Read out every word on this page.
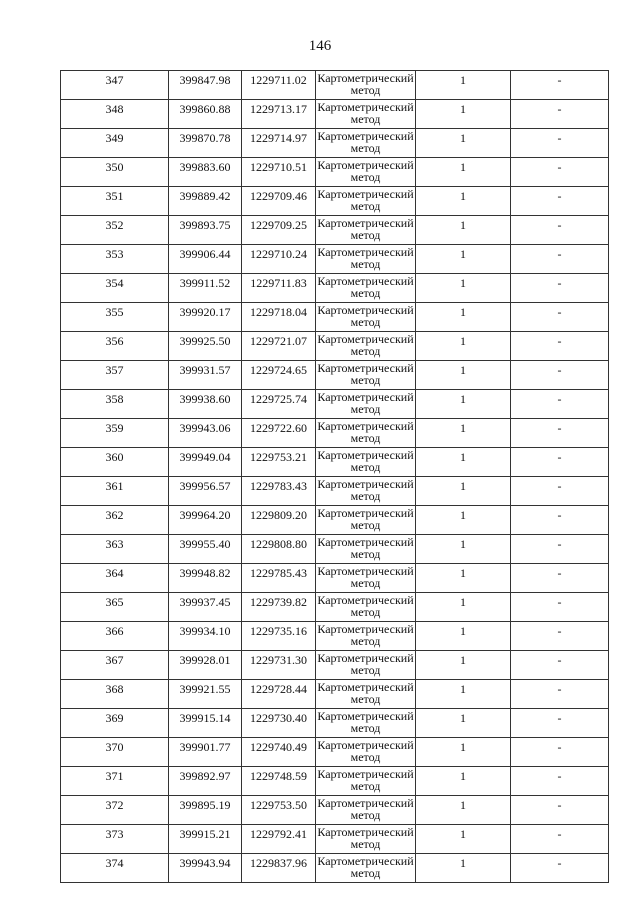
146
347	399847.98	1229711.02	Картометрический метод	1	-
348	399860.88	1229713.17	Картометрический метод	1	-
349	399870.78	1229714.97	Картометрический метод	1	-
350	399883.60	1229710.51	Картометрический метод	1	-
351	399889.42	1229709.46	Картометрический метод	1	-
352	399893.75	1229709.25	Картометрический метод	1	-
353	399906.44	1229710.24	Картометрический метод	1	-
354	399911.52	1229711.83	Картометрический метод	1	-
355	399920.17	1229718.04	Картометрический метод	1	-
356	399925.50	1229721.07	Картометрический метод	1	-
357	399931.57	1229724.65	Картометрический метод	1	-
358	399938.60	1229725.74	Картометрический метод	1	-
359	399943.06	1229722.60	Картометрический метод	1	-
360	399949.04	1229753.21	Картометрический метод	1	-
361	399956.57	1229783.43	Картометрический метод	1	-
362	399964.20	1229809.20	Картометрический метод	1	-
363	399955.40	1229808.80	Картометрический метод	1	-
364	399948.82	1229785.43	Картометрический метод	1	-
365	399937.45	1229739.82	Картометрический метод	1	-
366	399934.10	1229735.16	Картометрический метод	1	-
367	399928.01	1229731.30	Картометрический метод	1	-
368	399921.55	1229728.44	Картометрический метод	1	-
369	399915.14	1229730.40	Картометрический метод	1	-
370	399901.77	1229740.49	Картометрический метод	1	-
371	399892.97	1229748.59	Картометрический метод	1	-
372	399895.19	1229753.50	Картометрический метод	1	-
373	399915.21	1229792.41	Картометрический метод	1	-
374	399943.94	1229837.96	Картометрический метод	1	-
